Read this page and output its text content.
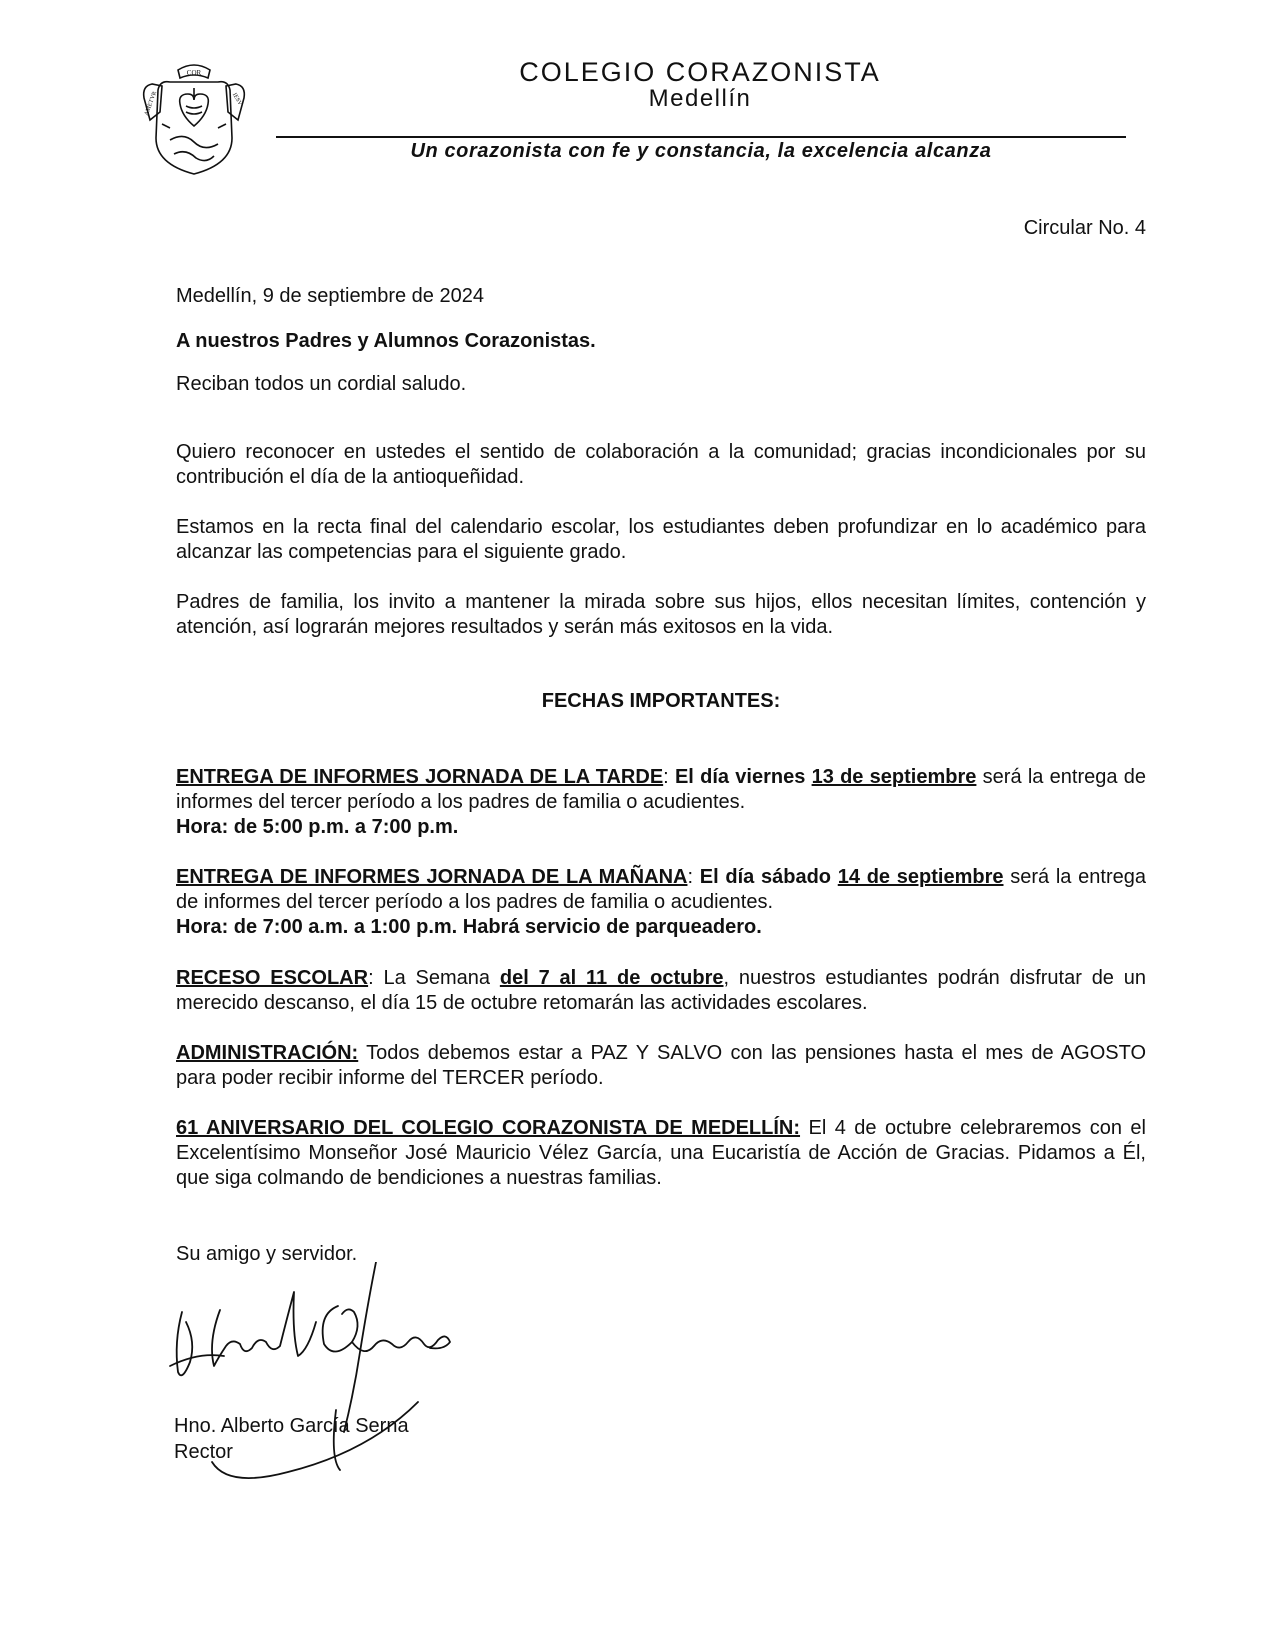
COR
AMETVR	IESV
COLEGIO CORAZONISTA
Medellín
Un corazonista con fe y constancia, la excelencia alcanza
Circular No. 4
Medellín, 9 de septiembre de 2024
A nuestros Padres y Alumnos Corazonistas.
Reciban todos un cordial saludo.
Quiero reconocer en ustedes el sentido de colaboración a la comunidad; gracias incondicionales por su contribución el día de la antioqueñidad.
Estamos en la recta final del calendario escolar, los estudiantes deben profundizar en lo académico para alcanzar las competencias para el siguiente grado.
Padres de familia, los invito a mantener la mirada sobre sus hijos, ellos necesitan límites, contención y atención, así lograrán mejores resultados y serán más exitosos en la vida.
FECHAS IMPORTANTES:
ENTREGA DE INFORMES JORNADA DE LA TARDE: El día viernes 13 de septiembre será la entrega de informes del tercer período a los padres de familia o acudientes.
Hora: de 5:00 p.m. a 7:00 p.m.
ENTREGA DE INFORMES JORNADA DE LA MAÑANA: El día sábado 14 de septiembre será la entrega de informes del tercer período a los padres de familia o acudientes.
Hora: de 7:00 a.m. a 1:00 p.m. Habrá servicio de parqueadero.
RECESO ESCOLAR: La Semana del 7 al 11 de octubre, nuestros estudiantes podrán disfrutar de un merecido descanso, el día 15 de octubre retomarán las actividades escolares.
ADMINISTRACIÓN: Todos debemos estar a PAZ Y SALVO con las pensiones hasta el mes de AGOSTO para poder recibir informe del TERCER período.
61 ANIVERSARIO DEL COLEGIO CORAZONISTA DE MEDELLÍN: El 4 de octubre celebraremos con el Excelentísimo Monseñor José Mauricio Vélez García, una Eucaristía de Acción de Gracias. Pidamos a Él, que siga colmando de bendiciones a nuestras familias.
Su amigo y servidor.
Hno. Alberto García Serna
Rector
